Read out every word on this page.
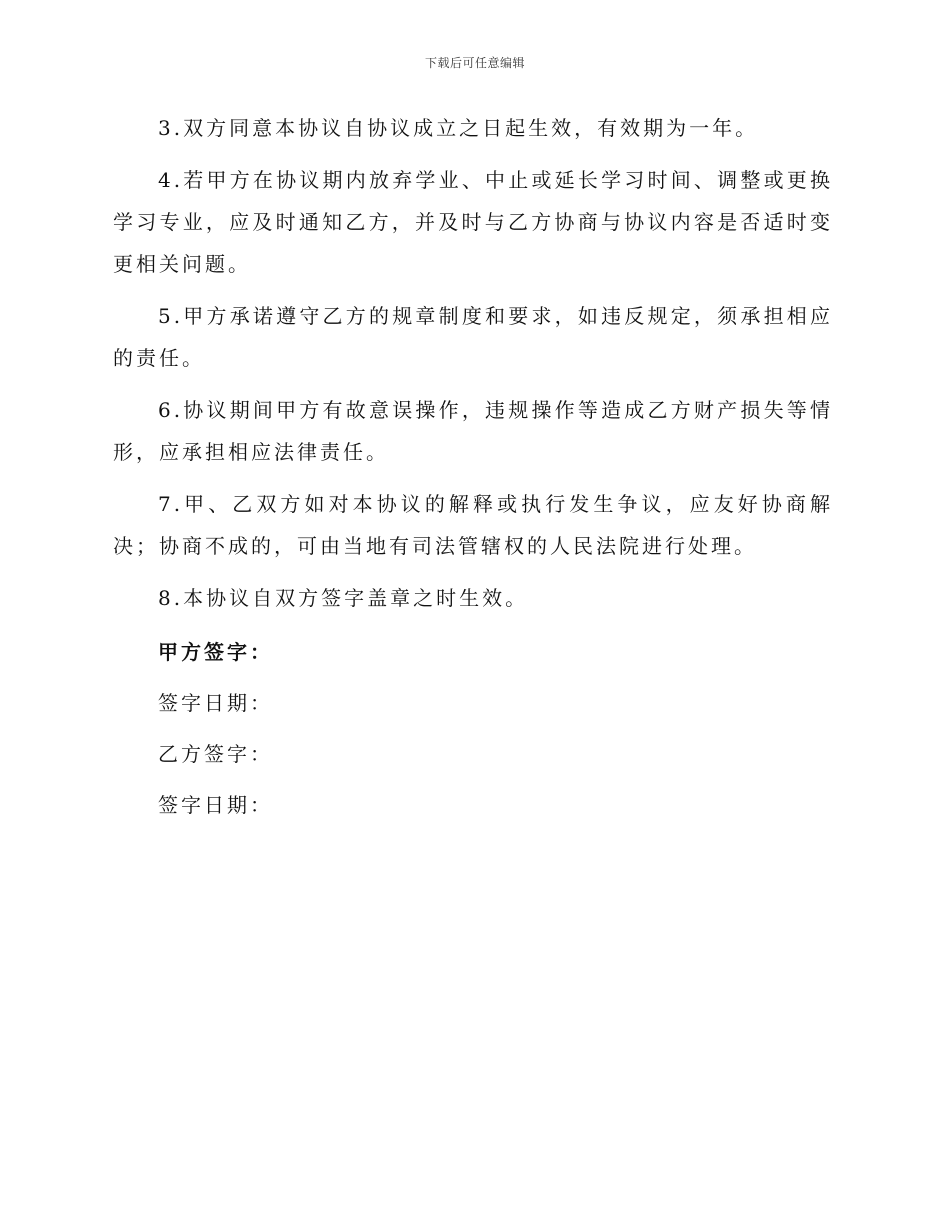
下载后可任意编辑

3.双方同意本协议自协议成立之日起生效，有效期为一年。

4.若甲方在协议期内放弃学业、中止或延长学习时间、调整或更换学习专业，应及时通知乙方，并及时与乙方协商与协议内容是否适时变更相关问题。

5.甲方承诺遵守乙方的规章制度和要求，如违反规定，须承担相应的责任。

6.协议期间甲方有故意误操作，违规操作等造成乙方财产损失等情形，应承担相应法律责任。

7.甲、乙双方如对本协议的解释或执行发生争议，应友好协商解决；协商不成的，可由当地有司法管辖权的人民法院进行处理。

8.本协议自双方签字盖章之时生效。

甲方签字：
签字日期：
乙方签字：
签字日期：
